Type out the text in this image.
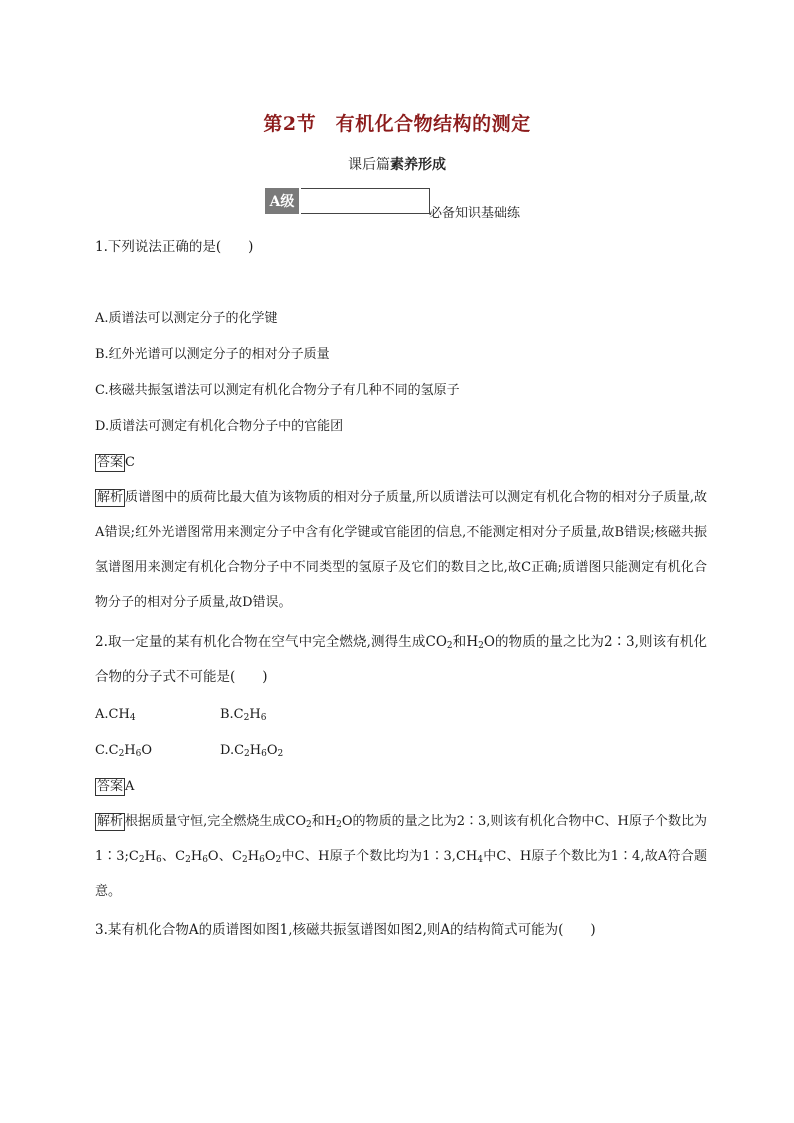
第2节　有机化合物结构的测定
课后篇素养形成
A级
必备知识基础练
1.下列说法正确的是(　　)
A.质谱法可以测定分子的化学键
B.红外光谱可以测定分子的相对分子质量
C.核磁共振氢谱法可以测定有机化合物分子有几种不同的氢原子
D.质谱法可测定有机化合物分子中的官能团
答案 C
解析 质谱图中的质荷比最大值为该物质的相对分子质量,所以质谱法可以测定有机化合物的相对分子质量,故A错误;红外光谱图常用来测定分子中含有化学键或官能团的信息,不能测定相对分子质量,故B错误;核磁共振氢谱图用来测定有机化合物分子中不同类型的氢原子及它们的数目之比,故C正确;质谱图只能测定有机化合物分子的相对分子质量,故D错误。
2.取一定量的某有机化合物在空气中完全燃烧,测得生成$CO_2$和$H_2O$的物质的量之比为2∶3,则该有机化合物的分子式不可能是(　　)
$A.CH_4$	$B.C_2H_6$
$C.C_2H_6O$	$D.C_2H_6O_2$
答案 A
解析 根据质量守恒,完全燃烧生成$CO_2$和$H_2O$的物质的量之比为2∶3,则该有机化合物中C、H原子个数比为$1∶3;C_2H_6$、$C_2H_6O$、$C_2H_6O_2$中C、H原子个数比均为$1∶3,CH_4$中C、H原子个数比为1∶4,故A符合题意。
3.某有机化合物A的质谱图如图1,核磁共振氢谱图如图2,则A的结构简式可能为(　　)
